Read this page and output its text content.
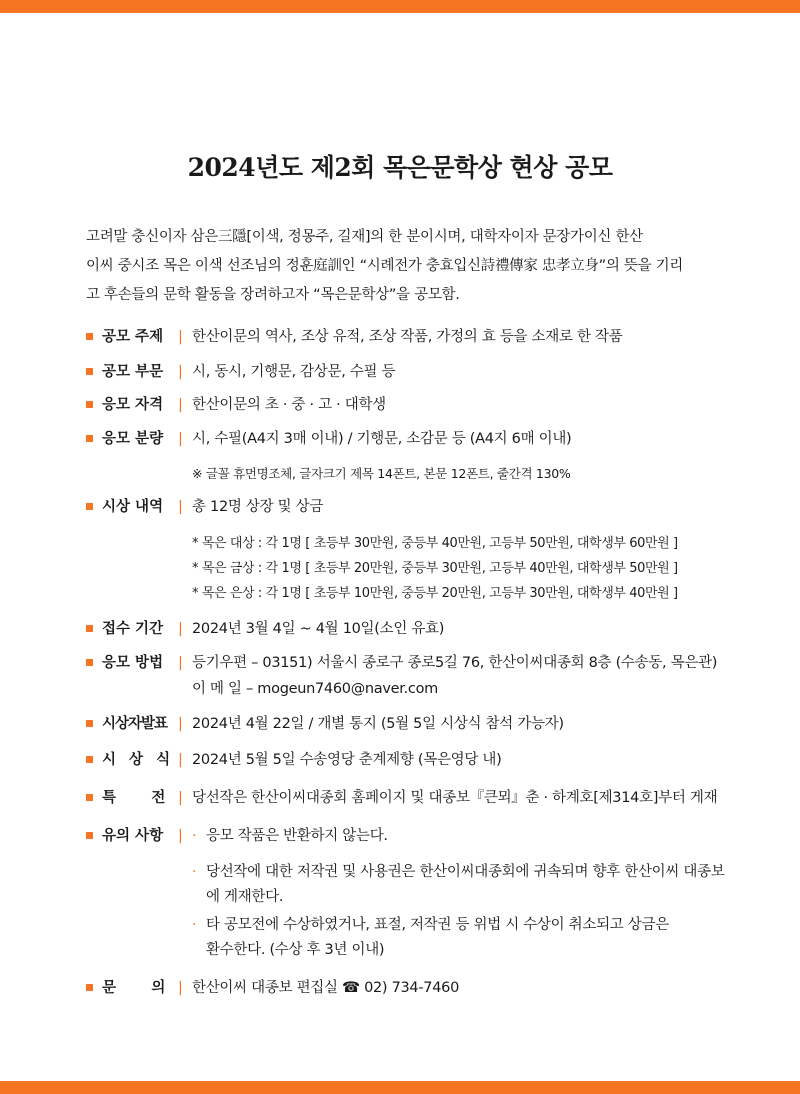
2024년도 제2회 목은문학상 현상 공모

고려말 충신이자 삼은三隱[이색, 정몽주, 길재]의 한 분이시며, 대학자이자 문장가이신 한산

이씨 중시조 목은 이색 선조님의 정훈庭訓인 “시례전가 충효입신詩禮傳家 忠孝立身”의 뜻을 기리

고 후손들의 문학 활동을 장려하고자 “목은문학상”을 공모함.

공모 주제	| 한산이문의 역사, 조상 유적, 조상 작품, 가정의 효 등을 소재로 한 작품
공모 부문	| 시, 동시, 기행문, 감상문, 수필 등
응모 자격	| 한산이문의 초 · 중 · 고 · 대학생
응모 분량	| 시, 수필(A4지 3매 이내) / 기행문, 소감문 등 (A4지 6매 이내)
※ 글꼴 휴먼명조체, 글자크기 제목 14폰트, 본문 12폰트, 줄간격 130%
시상 내역	| 총 12명 상장 및 상금
* 목은 대상 : 각 1명 [ 초등부 30만원, 중등부 40만원, 고등부 50만원, 대학생부 60만원 ]
* 목은 금상 : 각 1명 [ 초등부 20만원, 중등부 30만원, 고등부 40만원, 대학생부 50만원 ]
* 목은 은상 : 각 1명 [ 초등부 10만원, 중등부 20만원, 고등부 30만원, 대학생부 40만원 ]
접수 기간	| 2024년 3월 4일 ~ 4월 10일(소인 유효)
응모 방법	| 등기우편 – 03151) 서울시 종로구 종로5길 76, 한산이씨대종회 8층 (수송동, 목은관)
이 메 일 – mogeun7460@naver.com
시상자발표 | 2024년 4월 22일 / 개별 통지 (5월 5일 시상식 참석 가능자)
시 상 식 | 2024년 5월 5일 수송영당 춘계제향 (목은영당 내)
특       전 | 당선작은 한산이씨대종회 홈페이지 및 대종보『큰뫼』춘 · 하계호[제314호]부터 게재
유의 사항	| · 응모 작품은 반환하지 않는다.
· 당선작에 대한 저작권 및 사용권은 한산이씨대종회에 귀속되며 향후 한산이씨 대종보
에 게재한다.
· 타 공모전에 수상하였거나, 표절, 저작권 등 위법 시 수상이 취소되고 상금은
환수한다. (수상 후 3년 이내)
문       의 | 한산이씨 대종보 편집실 ☎ 02) 734-7460
